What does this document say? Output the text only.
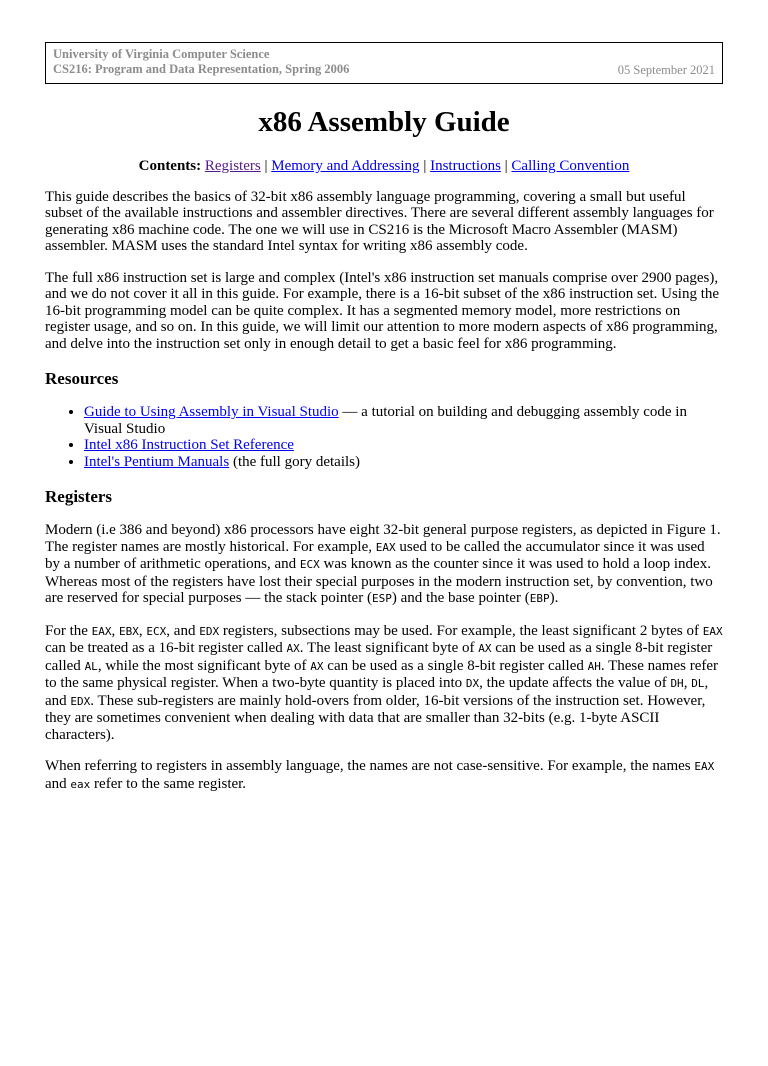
University of Virginia Computer Science
CS216: Program and Data Representation, Spring 2006	05 September 2021
x86 Assembly Guide
Contents: Registers | Memory and Addressing | Instructions | Calling Convention

This guide describes the basics of 32-bit x86 assembly language programming, covering a small but useful subset of the available instructions and assembler directives. There are several different assembly languages for generating x86 machine code. The one we will use in CS216 is the Microsoft Macro Assembler (MASM) assembler. MASM uses the standard Intel syntax for writing x86 assembly code.

The full x86 instruction set is large and complex (Intel's x86 instruction set manuals comprise over 2900 pages), and we do not cover it all in this guide. For example, there is a 16-bit subset of the x86 instruction set. Using the 16-bit programming model can be quite complex. It has a segmented memory model, more restrictions on register usage, and so on. In this guide, we will limit our attention to more modern aspects of x86 programming, and delve into the instruction set only in enough detail to get a basic feel for x86 programming.

Resources
• Guide to Using Assembly in Visual Studio — a tutorial on building and debugging assembly code in Visual Studio
• Intel x86 Instruction Set Reference
• Intel's Pentium Manuals (the full gory details)
Registers

Modern (i.e 386 and beyond) x86 processors have eight 32-bit general purpose registers, as depicted in Figure 1. The register names are mostly historical. For example, EAX used to be called the accumulator since it was used by a number of arithmetic operations, and ECX was known as the counter since it was used to hold a loop index. Whereas most of the registers have lost their special purposes in the modern instruction set, by convention, two are reserved for special purposes — the stack pointer (ESP) and the base pointer (EBP).

For the EAX, EBX, ECX, and EDX registers, subsections may be used. For example, the least significant 2 bytes of EAX can be treated as a 16-bit register called AX. The least significant byte of AX can be used as a single 8-bit register called AL, while the most significant byte of AX can be used as a single 8-bit register called AH. These names refer to the same physical register. When a two-byte quantity is placed into DX, the update affects the value of DH, DL, and EDX. These sub-registers are mainly hold-overs from older, 16-bit versions of the instruction set. However, they are sometimes convenient when dealing with data that are smaller than 32-bits (e.g. 1-byte ASCII characters).

When referring to registers in assembly language, the names are not case-sensitive. For example, the names EAX and eax refer to the same register.
